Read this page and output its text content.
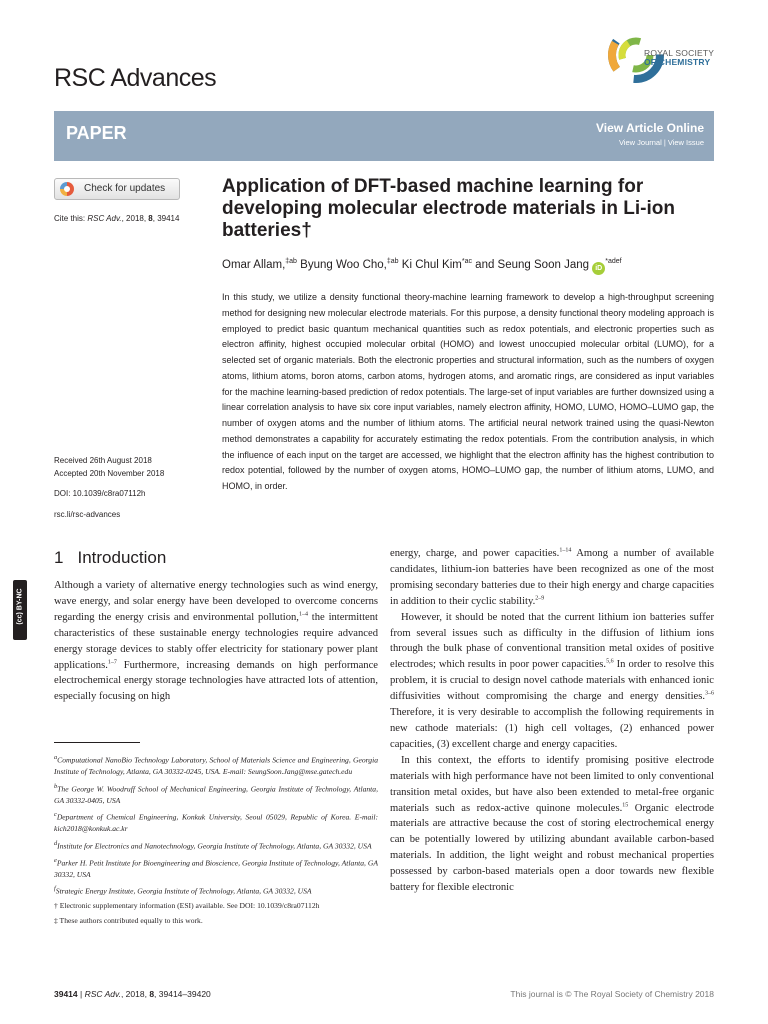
RSC Advances
ROYAL SOCIETY
OF CHEMISTRY
PAPER	View Article Online
View Journal | View Issue
Check for updates
Cite this: RSC Adv., 2018, 8, 39414
Received 26th August 2018
Accepted 20th November 2018
DOI: 10.1039/c8ra07112h
rsc.li/rsc-advances
(cc) BY-NC
Application of DFT-based machine learning for developing molecular electrode materials in Li-ion batteries†
Omar Allam,$^{\ddagger ab}$ Byung Woo Cho,$^{\ddagger ab}$ Ki Chul Kim$^{*ac}$ and Seung Soon Jang $iD^{*adef}$
In this study, we utilize a density functional theory-machine learning framework to develop a high-throughput screening method for designing new molecular electrode materials. For this purpose, a density functional theory modeling approach is employed to predict basic quantum mechanical quantities such as redox potentials, and electronic properties such as electron affinity, highest occupied molecular orbital (HOMO) and lowest unoccupied molecular orbital (LUMO), for a selected set of organic materials. Both the electronic properties and structural information, such as the numbers of oxygen atoms, lithium atoms, boron atoms, carbon atoms, hydrogen atoms, and aromatic rings, are considered as input variables for the machine learning-based prediction of redox potentials. The large-set of input variables are further downsized using a linear correlation analysis to have six core input variables, namely electron affinity, HOMO, LUMO, HOMO–LUMO gap, the number of oxygen atoms and the number of lithium atoms. The artificial neural network trained using the quasi-Newton method demonstrates a capability for accurately estimating the redox potentials. From the contribution analysis, in which the influence of each input on the target are accessed, we highlight that the electron affinity has the highest contribution to redox potential, followed by the number of oxygen atoms, HOMO–LUMO gap, the number of lithium atoms, LUMO, and HOMO, in order.
1 Introduction

Although a variety of alternative energy technologies such as wind energy, wave energy, and solar energy have been developed to overcome concerns regarding the energy crisis and environmental pollution,$^{1-4}$ the intermittent characteristics of these sustainable energy technologies require advanced energy storage devices to stably offer electricity for stationary power plant applications.$^{1-7}$ Furthermore, increasing demands on high performance electrochemical energy storage technologies have attracted lots of attention, especially focusing on high

$^a$Computational NanoBio Technology Laboratory, School of Materials Science and Engineering, Georgia Institute of Technology, Atlanta, GA 30332-0245, USA. E-mail: SeungSoon.Jang@mse.gatech.edu

$^b$The George W. Woodruff School of Mechanical Engineering, Georgia Institute of Technology, Atlanta, GA 30332-0405, USA

$^c$Department of Chemical Engineering, Konkuk University, Seoul 05029, Republic of Korea. E-mail: kich2018@konkuk.ac.kr

$^d$Institute for Electronics and Nanotechnology, Georgia Institute of Technology, Atlanta, GA 30332, USA

$^e$Parker H. Petit Institute for Bioengineering and Bioscience, Georgia Institute of Technology, Atlanta, GA 30332, USA

$^f$Strategic Energy Institute, Georgia Institute of Technology, Atlanta, GA 30332, USA

† Electronic supplementary information (ESI) available. See DOI: 10.1039/c8ra07112h

‡ These authors contributed equally to this work.

energy, charge, and power capacities.$^{1-14}$ Among a number of available candidates, lithium-ion batteries have been recognized as one of the most promising secondary batteries due to their high energy and charge capacities in addition to their cyclic stability.$^{2-9}$

However, it should be noted that the current lithium ion batteries suffer from several issues such as difficulty in the diffusion of lithium ions through the bulk phase of conventional transition metal oxides of positive electrodes; which results in poor power capacities.$^{5,6}$ In order to resolve this problem, it is crucial to design novel cathode materials with enhanced ionic diffusivities without compromising the charge and energy densities.$^{3-6}$ Therefore, it is very desirable to accomplish the following requirements in new cathode materials: (1) high cell voltages, (2) enhanced power capacities, (3) excellent charge and energy capacities.

In this context, the efforts to identify promising positive electrode materials with high performance have not been limited to only conventional transition metal oxides, but have also been extended to metal-free organic materials such as redox-active quinone molecules.$^{15}$ Organic electrode materials are attractive because the cost of storing electrochemical energy can be potentially lowered by utilizing abundant available carbon-based materials. In addition, the light weight and robust mechanical properties possessed by carbon-based materials open a door towards new flexible battery for flexible electronic

39414 | RSC Adv., 2018, 8, 39414–39420	This journal is © The Royal Society of Chemistry 2018
